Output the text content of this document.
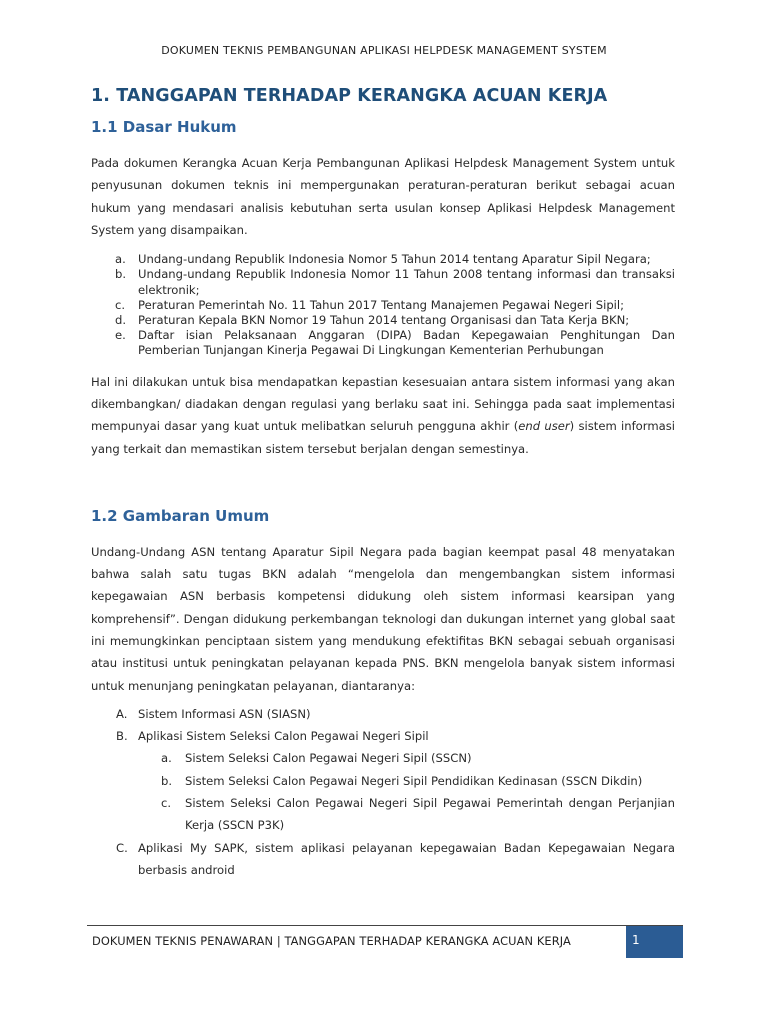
DOKUMEN TEKNIS PEMBANGUNAN APLIKASI HELPDESK MANAGEMENT SYSTEM
1. TANGGAPAN TERHADAP KERANGKA ACUAN KERJA
1.1 Dasar Hukum

Pada dokumen Kerangka Acuan Kerja Pembangunan Aplikasi Helpdesk Management System untuk penyusunan dokumen teknis ini mempergunakan peraturan-peraturan berikut sebagai acuan hukum yang mendasari analisis kebutuhan serta usulan konsep Aplikasi Helpdesk Management System yang disampaikan.

a. Undang-undang Republik Indonesia Nomor 5 Tahun 2014 tentang Aparatur Sipil Negara;
b. Undang-undang Republik Indonesia Nomor 11 Tahun 2008 tentang informasi dan transaksi elektronik;
c. Peraturan Pemerintah No. 11 Tahun 2017 Tentang Manajemen Pegawai Negeri Sipil;
d. Peraturan Kepala BKN Nomor 19 Tahun 2014 tentang Organisasi dan Tata Kerja BKN;
e. Daftar isian Pelaksanaan Anggaran (DIPA) Badan Kepegawaian Penghitungan Dan Pemberian Tunjangan Kinerja Pegawai Di Lingkungan Kementerian Perhubungan

Hal ini dilakukan untuk bisa mendapatkan kepastian kesesuaian antara sistem informasi yang akan dikembangkan/ diadakan dengan regulasi yang berlaku saat ini. Sehingga pada saat implementasi mempunyai dasar yang kuat untuk melibatkan seluruh pengguna akhir (end user) sistem informasi yang terkait dan memastikan sistem tersebut berjalan dengan semestinya.

1.2 Gambaran Umum

Undang-Undang ASN tentang Aparatur Sipil Negara pada bagian keempat pasal 48 menyatakan bahwa salah satu tugas BKN adalah “mengelola dan mengembangkan sistem informasi kepegawaian ASN berbasis kompetensi didukung oleh sistem informasi kearsipan yang komprehensif”. Dengan didukung perkembangan teknologi dan dukungan internet yang global saat ini memungkinkan penciptaan sistem yang mendukung efektifitas BKN sebagai sebuah organisasi atau institusi untuk peningkatan pelayanan kepada PNS. BKN mengelola banyak sistem informasi untuk menunjang peningkatan pelayanan, diantaranya:

A. Sistem Informasi ASN (SIASN)
B. Aplikasi Sistem Seleksi Calon Pegawai Negeri Sipil
a. Sistem Seleksi Calon Pegawai Negeri Sipil (SSCN)
b. Sistem Seleksi Calon Pegawai Negeri Sipil Pendidikan Kedinasan (SSCN Dikdin)
c. Sistem Seleksi Calon Pegawai Negeri Sipil Pegawai Pemerintah dengan Perjanjian Kerja (SSCN P3K)
C. Aplikasi My SAPK, sistem aplikasi pelayanan kepegawaian Badan Kepegawaian Negara berbasis android
DOKUMEN TEKNIS PENAWARAN | TANGGAPAN TERHADAP KERANGKA ACUAN KERJA	1
